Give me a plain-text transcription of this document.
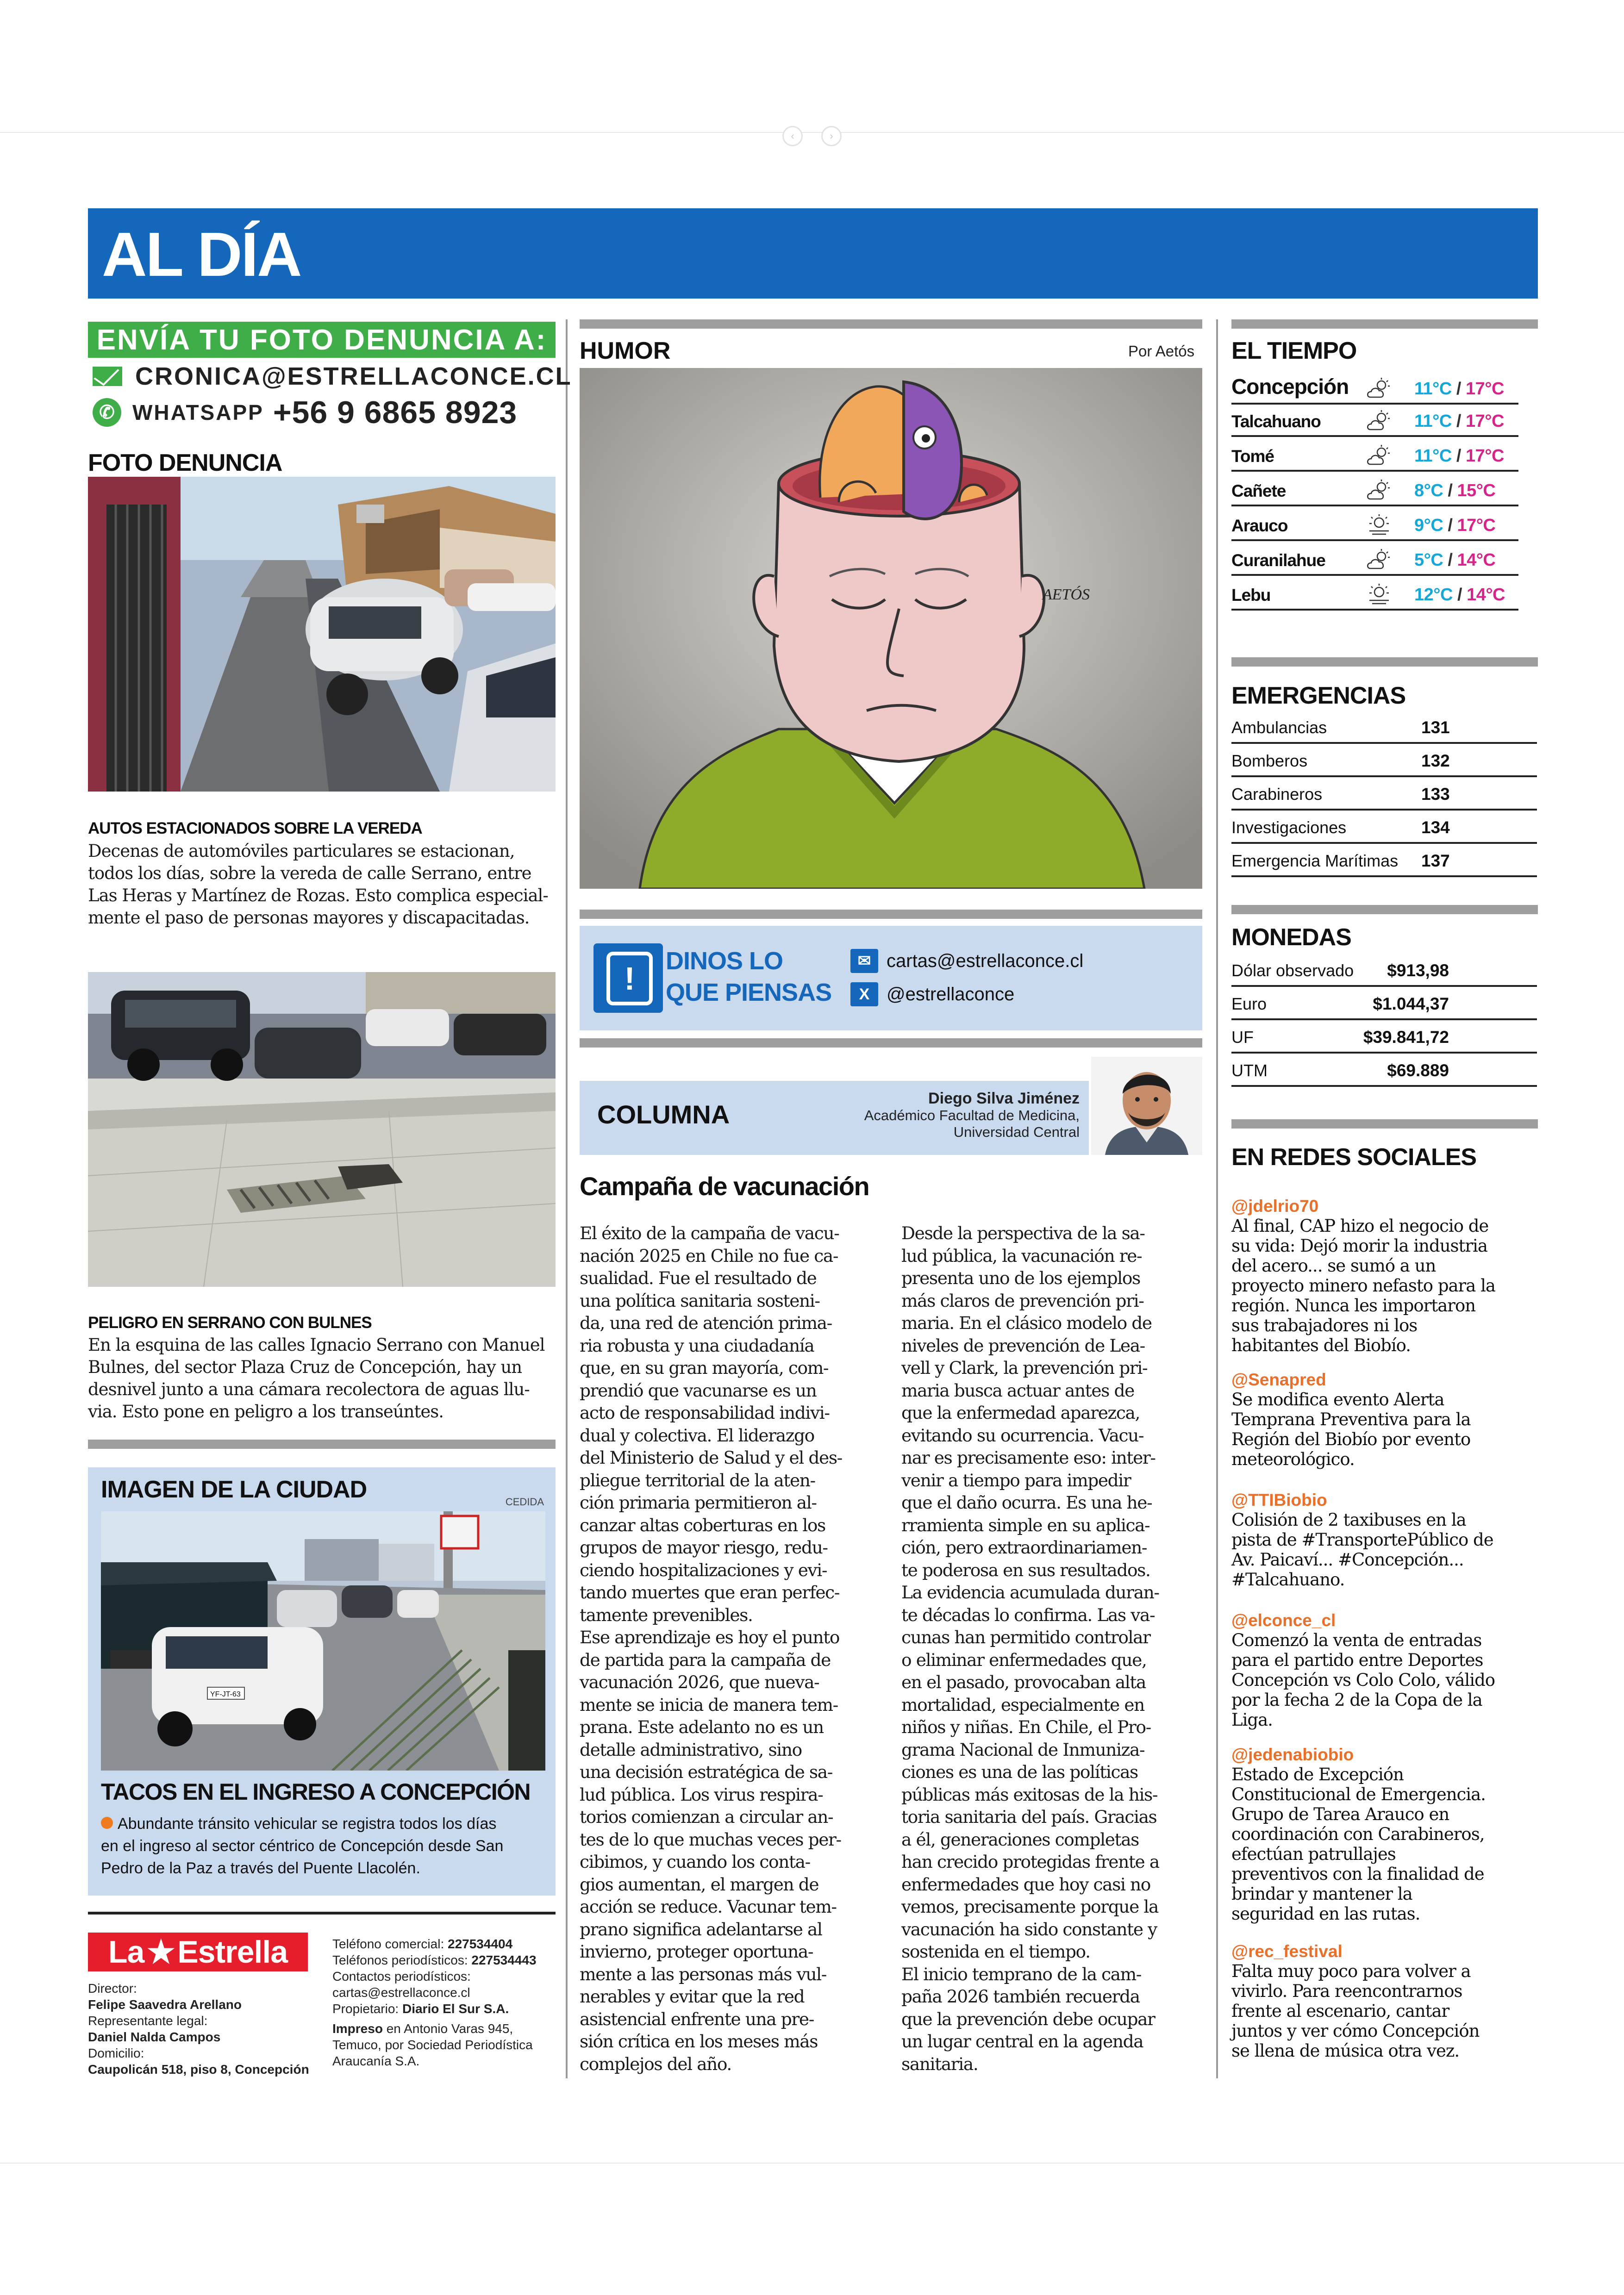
‹	›
AL DÍA
ENVÍA TU FOTO DENUNCIA A:
CRONICA@ESTRELLACONCE.CL
✆ WHATSAPP +56 9 6865 8923
FOTO DENUNCIA
AUTOS ESTACIONADOS SOBRE LA VEREDA
Decenas de automóviles particulares se estacionan,
todos los días, sobre la vereda de calle Serrano, entre
Las Heras y Martínez de Rozas. Esto complica especial-
mente el paso de personas mayores y discapacitadas.
PELIGRO EN SERRANO CON BULNES
En la esquina de las calles Ignacio Serrano con Manuel
Bulnes, del sector Plaza Cruz de Concepción, hay un
desnivel junto a una cámara recolectora de aguas llu-
via. Esto pone en peligro a los transeúntes.
IMAGEN DE LA CIUDAD	CEDIDA
YF-JT-63
TACOS EN EL INGRESO A CONCEPCIÓN
Abundante tránsito vehicular se registra todos los días
en el ingreso al sector céntrico de Concepción desde San
Pedro de la Paz a través del Puente Llacolén.
La ★ Estrella
Director:
Felipe Saavedra Arellano
Representante legal:
Daniel Nalda Campos
Domicilio:
Caupolicán 518, piso 8, Concepción
Teléfono comercial: 227534404
Teléfonos periodísticos: 227534443
Contactos periodísticos:
cartas@estrellaconce.cl
Propietario: Diario El Sur S.A.
Impreso en Antonio Varas 945,
Temuco, por Sociedad Periodística
Araucanía S.A.
HUMOR	Por Aetós
AETÓS
!	DINOS LO
QUE PIENSAS
✉ cartas@estrellaconce.cl
X @estrellaconce
COLUMNA
Diego Silva Jiménez
Académico Facultad de Medicina,
Universidad Central
Campaña de vacunación
El éxito de la campaña de vacu-
nación 2025 en Chile no fue ca-
sualidad. Fue el resultado de
una política sanitaria sosteni-
da, una red de atención prima-
ria robusta y una ciudadanía
que, en su gran mayoría, com-
prendió que vacunarse es un
acto de responsabilidad indivi-
dual y colectiva. El liderazgo
del Ministerio de Salud y el des-
pliegue territorial de la aten-
ción primaria permitieron al-
canzar altas coberturas en los
grupos de mayor riesgo, redu-
ciendo hospitalizaciones y evi-
tando muertes que eran perfec-
tamente prevenibles.
Ese aprendizaje es hoy el punto
de partida para la campaña de
vacunación 2026, que nueva-
mente se inicia de manera tem-
prana. Este adelanto no es un
detalle administrativo, sino
una decisión estratégica de sa-
lud pública. Los virus respira-
torios comienzan a circular an-
tes de lo que muchas veces per-
cibimos, y cuando los conta-
gios aumentan, el margen de
acción se reduce. Vacunar tem-
prano significa adelantarse al
invierno, proteger oportuna-
mente a las personas más vul-
nerables y evitar que la red
asistencial enfrente una pre-
sión crítica en los meses más
complejos del año.
Desde la perspectiva de la sa-
lud pública, la vacunación re-
presenta uno de los ejemplos
más claros de prevención pri-
maria. En el clásico modelo de
niveles de prevención de Lea-
vell y Clark, la prevención pri-
maria busca actuar antes de
que la enfermedad aparezca,
evitando su ocurrencia. Vacu-
nar es precisamente eso: inter-
venir a tiempo para impedir
que el daño ocurra. Es una he-
rramienta simple en su aplica-
ción, pero extraordinariamen-
te poderosa en sus resultados.
La evidencia acumulada duran-
te décadas lo confirma. Las va-
cunas han permitido controlar
o eliminar enfermedades que,
en el pasado, provocaban alta
mortalidad, especialmente en
niños y niñas. En Chile, el Pro-
grama Nacional de Inmuniza-
ciones es una de las políticas
públicas más exitosas de la his-
toria sanitaria del país. Gracias
a él, generaciones completas
han crecido protegidas frente a
enfermedades que hoy casi no
vemos, precisamente porque la
vacunación ha sido constante y
sostenida en el tiempo.
El inicio temprano de la cam-
paña 2026 también recuerda
que la prevención debe ocupar
un lugar central en la agenda
sanitaria.
EL TIEMPO
Concepción	11°C / 17°C
Talcahuano	11°C / 17°C
Tomé	11°C / 17°C
Cañete	8°C / 15°C
Arauco	9°C / 17°C
Curanilahue	5°C / 14°C
Lebu	12°C / 14°C
EMERGENCIAS
Ambulancias	131
Bomberos	132
Carabineros	133
Investigaciones	134
Emergencia Marítimas 137
MONEDAS
Dólar observado $913,98
Euro	$1.044,37
UF	$39.841,72
UTM	$69.889
EN REDES SOCIALES
@jdelrio70
Al final, CAP hizo el negocio de
su vida: Dejó morir la industria
del acero... se sumó a un
proyecto minero nefasto para la
región. Nunca les importaron
sus trabajadores ni los
habitantes del Biobío.
@Senapred
Se modifica evento Alerta
Temprana Preventiva para la
Región del Biobío por evento
meteorológico.
@TTIBiobio
Colisión de 2 taxibuses en la
pista de #TransportePúblico de
Av. Paicaví... #Concepción...
#Talcahuano.
@elconce_cl
Comenzó la venta de entradas
para el partido entre Deportes
Concepción vs Colo Colo, válido
por la fecha 2 de la Copa de la
Liga.
@jedenabiobio
Estado de Excepción
Constitucional de Emergencia.
Grupo de Tarea Arauco en
coordinación con Carabineros,
efectúan patrullajes
preventivos con la finalidad de
brindar y mantener la
seguridad en las rutas.
@rec_festival
Falta muy poco para volver a
vivirlo. Para reencontrarnos
frente al escenario, cantar
juntos y ver cómo Concepción
se llena de música otra vez.
